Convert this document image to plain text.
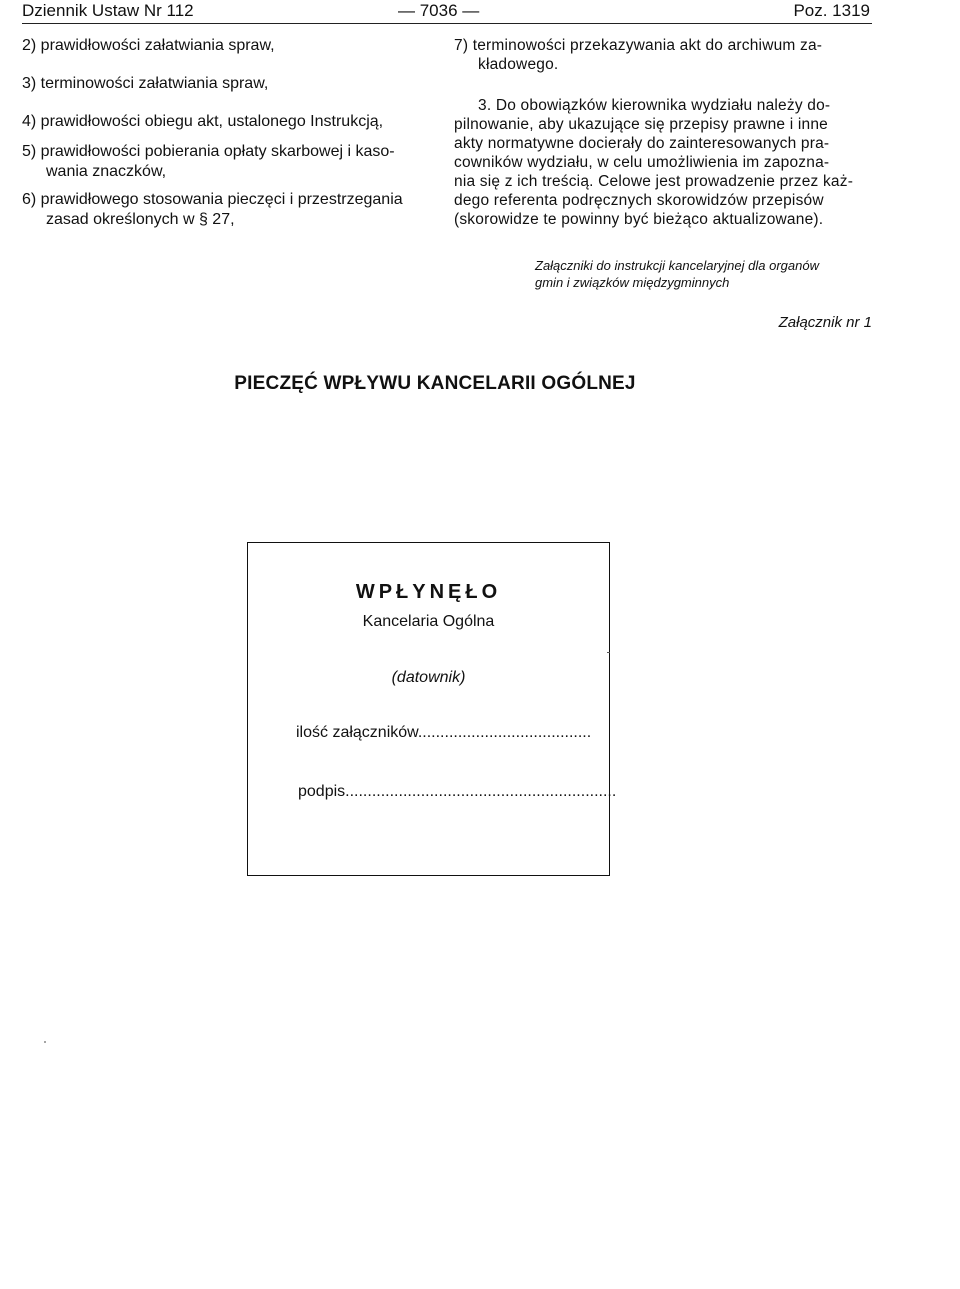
Dziennik Ustaw Nr 112	— 7036 —	Poz. 1319
2) prawidłowości załatwiania spraw,
3) terminowości załatwiania spraw,
4) prawidłowości obiegu akt, ustalonego Instrukcją,
5) prawidłowości pobierania opłaty skarbowej i kaso-
wania znaczków,
6) prawidłowego stosowania pieczęci i przestrzegania
zasad określonych w § 27,

7) terminowości przekazywania akt do archiwum za-

kładowego.

3. Do obowiązków kierownika wydziału należy do-

pilnowanie, aby ukazujące się przepisy prawne i inne

akty normatywne docierały do zainteresowanych pra-

cowników wydziału, w celu umożliwienia im zapozna-

nia się z ich treścią. Celowe jest prowadzenie przez każ-

dego referenta podręcznych skorowidzów przepisów

(skorowidze te powinny być bieżąco aktualizowane).

Załączniki do instrukcji kancelaryjnej dla organów
gmin i związków międzygminnych
Załącznik nr 1
PIECZĘĆ WPŁYWU KANCELARII OGÓLNEJ
WPŁYNĘŁO
Kancelaria Ogólna
(datownik)
ilość załączników.......................................
podpis.............................................................
